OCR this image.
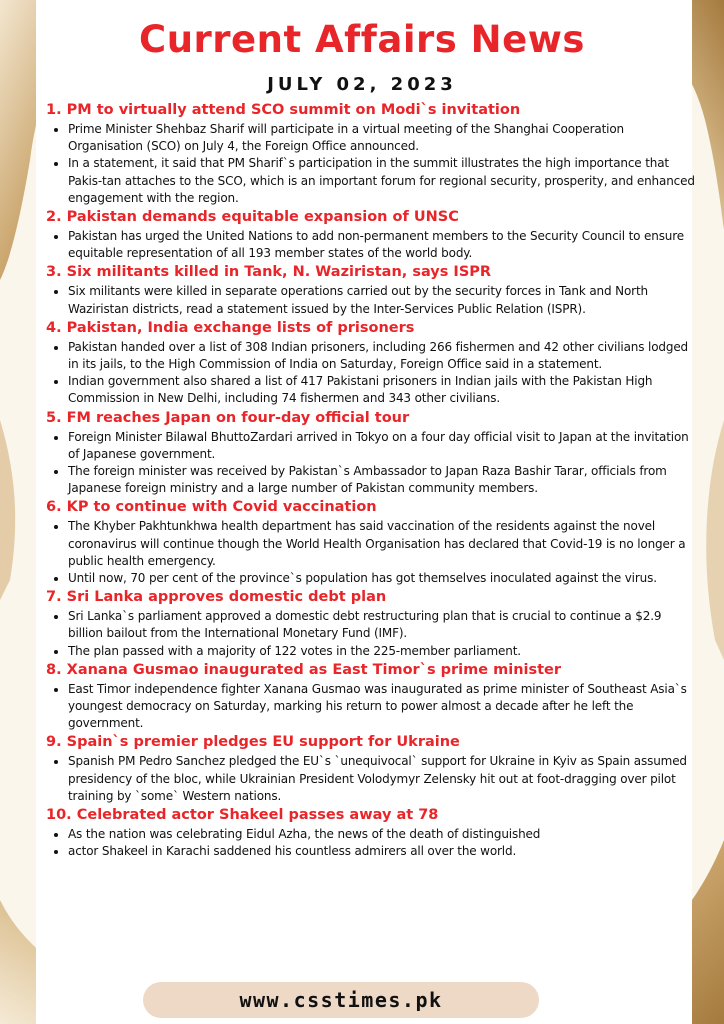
Current Affairs News
JULY 02, 2023
1. PM to virtually attend SCO summit on Modi`s invitation
• Prime Minister Shehbaz Sharif will participate in a virtual meeting of the Shanghai Cooperation Organisation (SCO) on July 4, the Foreign Office announced.
• In a statement, it said that PM Sharif`s participation in the summit illustrates the high importance that Pakis-tan attaches to the SCO, which is an important forum for regional security, prosperity, and enhanced engagement with the region.
2. Pakistan demands equitable expansion of UNSC
• Pakistan has urged the United Nations to add non-permanent members to the Security Council to ensure equitable representation of all 193 member states of the world body.
3. Six militants killed in Tank, N. Waziristan, says ISPR
• Six militants were killed in separate operations carried out by the security forces in Tank and North Waziristan districts, read a statement issued by the Inter-Services Public Relation (ISPR).
4. Pakistan, India exchange lists of prisoners
• Pakistan handed over a list of 308 Indian prisoners, including 266 fishermen and 42 other civilians lodged in its jails, to the High Commission of India on Saturday, Foreign Office said in a statement.
• Indian government also shared a list of 417 Pakistani prisoners in Indian jails with the Pakistan High Commission in New Delhi, including 74 fishermen and 343 other civilians.
5. FM reaches Japan on four-day official tour
• Foreign Minister Bilawal BhuttoZardari arrived in Tokyo on a four day official visit to Japan at the invitation of Japanese government.
• The foreign minister was received by Pakistan`s Ambassador to Japan Raza Bashir Tarar, officials from Japanese foreign ministry and a large number of Pakistan community members.
6. KP to continue with Covid vaccination
• The Khyber Pakhtunkhwa health department has said vaccination of the residents against the novel coronavirus will continue though the World Health Organisation has declared that Covid-19 is no longer a public health emergency.
• Until now, 70 per cent of the province`s population has got themselves inoculated against the virus.
7. Sri Lanka approves domestic debt plan
• Sri Lanka`s parliament approved a domestic debt restructuring plan that is crucial to continue a $2.9 billion bailout from the International Monetary Fund (IMF).
• The plan passed with a majority of 122 votes in the 225-member parliament.
8. Xanana Gusmao inaugurated as East Timor`s prime minister
• East Timor independence fighter Xanana Gusmao was inaugurated as prime minister of Southeast Asia`s youngest democracy on Saturday, marking his return to power almost a decade after he left the government.
9. Spain`s premier pledges EU support for Ukraine
• Spanish PM Pedro Sanchez pledged the EU`s `unequivocal` support for Ukraine in Kyiv as Spain assumed presidency of the bloc, while Ukrainian President Volodymyr Zelensky hit out at foot-dragging over pilot training by `some` Western nations.
10. Celebrated actor Shakeel passes away at 78
• As the nation was celebrating Eidul Azha, the news of the death of distinguished
• actor Shakeel in Karachi saddened his countless admirers all over the world.
www.csstimes.pk
